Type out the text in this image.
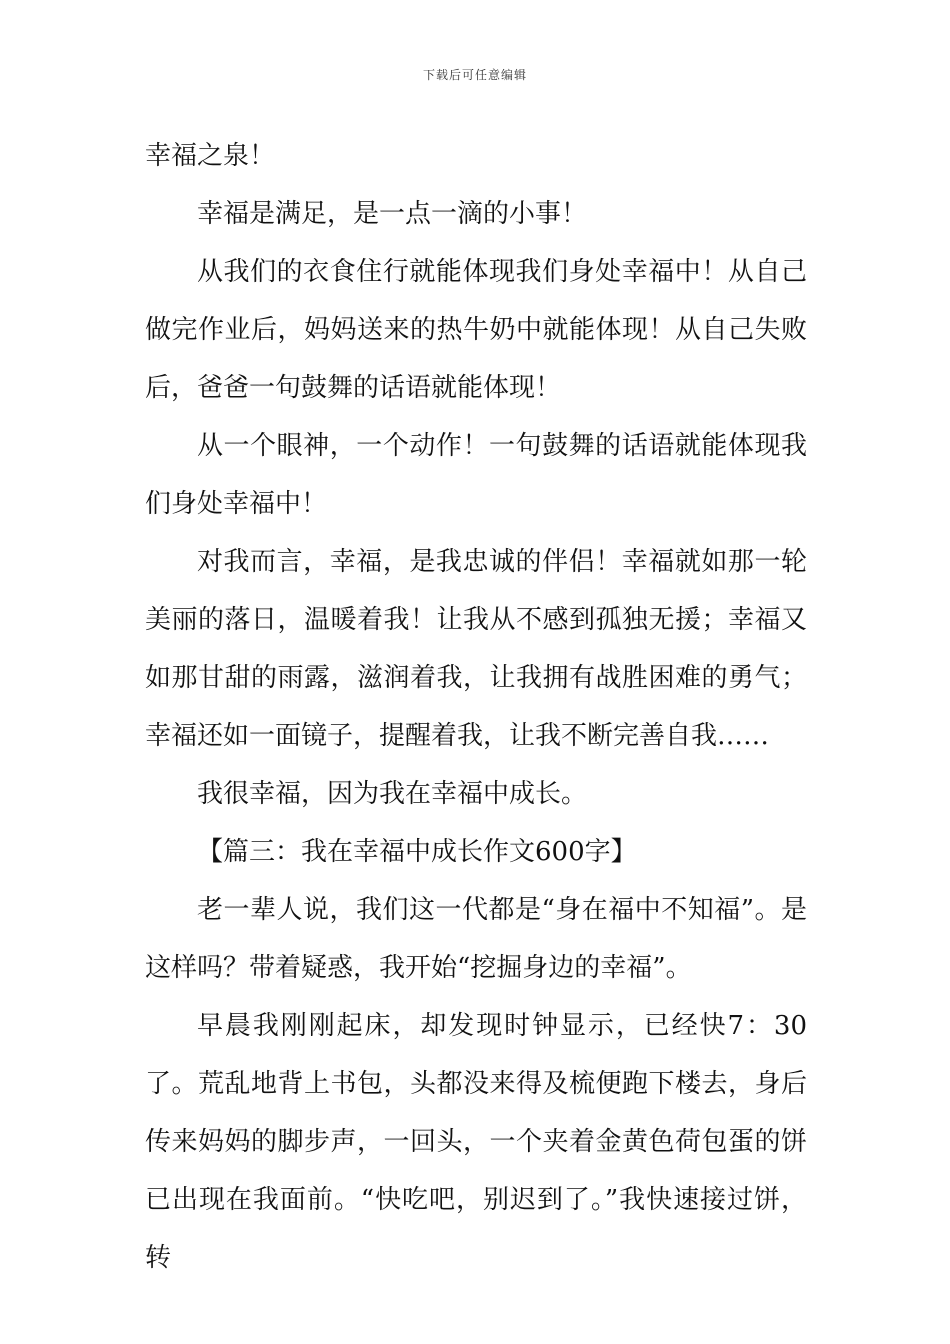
下载后可任意编辑

幸福之泉！

幸福是满足，是一点一滴的小事！

从我们的衣食住行就能体现我们身处幸福中！从自己做完作业后，妈妈送来的热牛奶中就能体现！从自己失败后，爸爸一句鼓舞的话语就能体现！

从一个眼神，一个动作！一句鼓舞的话语就能体现我们身处幸福中！

对我而言，幸福，是我忠诚的伴侣！幸福就如那一轮美丽的落日，温暖着我！让我从不感到孤独无援；幸福又如那甘甜的雨露，滋润着我，让我拥有战胜困难的勇气；幸福还如一面镜子，提醒着我，让我不断完善自我……

我很幸福，因为我在幸福中成长。

【篇三：我在幸福中成长作文600字】

老一辈人说，我们这一代都是“身在福中不知福”。是这样吗？带着疑惑，我开始“挖掘身边的幸福”。

早晨我刚刚起床，却发现时钟显示，已经快7：30了。荒乱地背上书包，头都没来得及梳便跑下楼去，身后传来妈妈的脚步声，一回头，一个夹着金黄色荷包蛋的饼已出现在我面前。“快吃吧，别迟到了。”我快速接过饼，转
